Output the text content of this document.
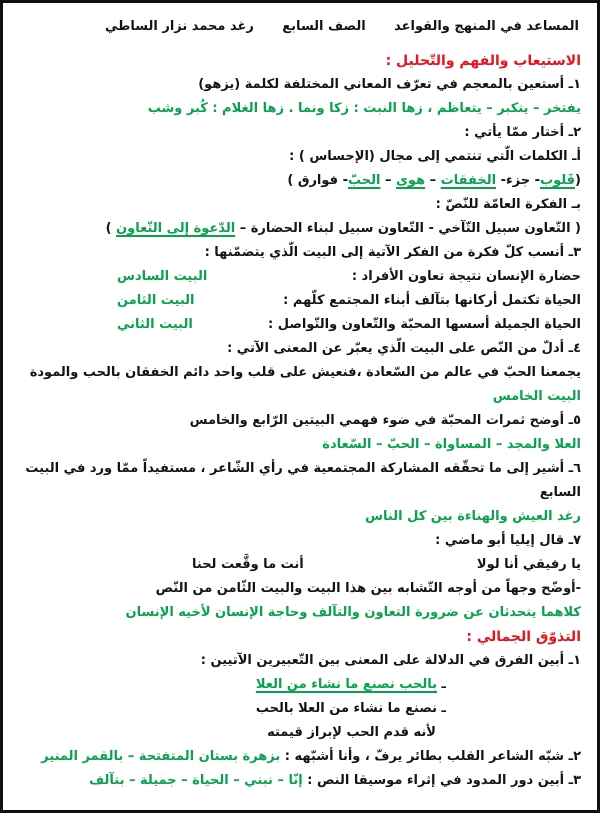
المساعد في المنهج والقواعد
الصف السابع
رغد محمد نزار الساطي
الاستيعاب والفهم والتّحليل :
١ـ أستعين بالمعجم في تعرّف المعاني المختلفة لكلمة (يزهو)
يفتخر – يتكبر – يتعاظم ، زها النبت : زكا ونما . زها الغلام : كُبر وشب
٢ـ أختار ممّا يأتي :
أـ الكلمات الّتي تنتمي إلى مجال (الإحساس ) :
(قَلوب- جزء- الخفقات – هوى – الحبّ- فوارق )
بـ الفكرة العامّة للنّصّ :
( التّعاون سبيل التّآخي - التّعاون سبيل لبناء الحضارة – الدّعوة إلى التّعاون )
٣ـ أنسب كلّ فكرة من الفكر الآتية إلى البيت الّذي يتضمّنها :
حضارة الإنسان نتيجة تعاون الأفراد :
البيت السادس
الحياة تكتمل أركانها بتآلف أبناء المجتمع كلّهم :
البيت الثامن
الحياة الجميلة أسسها المحبّة والتّعاون والتّواصل :
البيت الثاني
٤ـ أدلّ من النّص على البيت الّذي يعبّر عن المعنى الآتي :
يجمعنا الحبّ في عالم من السّعادة ،فنعيش على قلب واحد دائم الخفقان بالحب والمودة
البيت الخامس
٥ـ أوضح ثمرات المحبّة في ضوء فهمي البيتين الرّابع والخامس
العلا والمجد – المساواة – الحبّ – السّعادة
٦ـ أشير إلى ما تحقّقه المشاركة المجتمعية في رأي الشّاعر ، مستفيداً ممّا ورد في البيت
السابع
رغد العيش والهناءة بين كل الناس
٧ـ قال إيليا أبو ماضي :
يا رفيقي أنا لولا
أنت ما وقَّعت لحنا
-أوضّح وجهاً من أوجه التّشابه بين هذا البيت والبيت الثّامن من النّص
كلاهما يتحدثان عن ضرورة التعاون والتآلف وحاجة الإنسان لأخيه الإنسان
التذوّق الجمالي :
١ـ أبين الفرق في الدلالة على المعنى بين التّعبيرين الآتيين :
ـ بالحب نصنع ما نشاء من العلا
ـ نصنع ما نشاء من العلا بالحب
لأنه قدم الحب لإبراز قيمته
٢ـ شبّه الشاعر القلب بطائر يرفّ ، وأنا أشبّهه : بزهرة بستان المتفتحة – بالقمر المنير
٣ـ أبين دور المدود في إثراء موسيقا النص : إنّا – نبني – الحياة – جميلة – بتآلف
